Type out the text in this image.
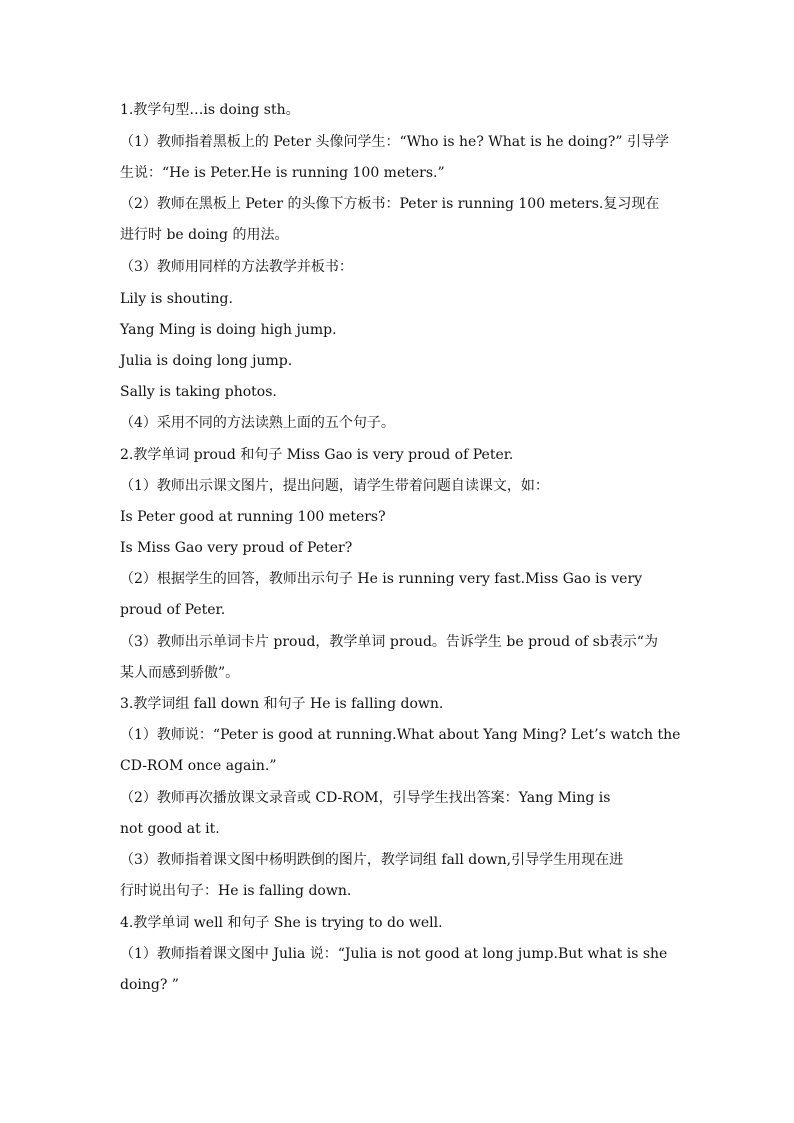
1.教学句型…is doing sth。
（1）教师指着黑板上的 Peter 头像问学生：“Who is he? What is he doing?” 引导学
生说：“He is Peter.He is running 100 meters.”
（2）教师在黑板上 Peter 的头像下方板书：Peter is running 100 meters.复习现在
进行时 be doing 的用法。
（3）教师用同样的方法教学并板书：
Lily is shouting.
Yang Ming is doing high jump.
Julia is doing long jump.
Sally is taking photos.
（4）采用不同的方法读熟上面的五个句子。
2.教学单词 proud 和句子 Miss Gao is very proud of Peter.
（1）教师出示课文图片，提出问题，请学生带着问题自读课文，如：
Is Peter good at running 100 meters?
Is Miss Gao very proud of Peter?
（2）根据学生的回答，教师出示句子 He is running very fast.Miss Gao is very
proud of Peter.
（3）教师出示单词卡片 proud，教学单词 proud。告诉学生 be proud of sb表示“为
某人而感到骄傲”。
3.教学词组 fall down 和句子 He is falling down.
（1）教师说：“Peter is good at running.What about Yang Ming? Let’s watch the
CD-ROM once again.”
（2）教师再次播放课文录音或 CD-ROM，引导学生找出答案：Yang Ming is
not good at it.
（3）教师指着课文图中杨明跌倒的图片，教学词组 fall down,引导学生用现在进
行时说出句子：He is falling down.
4.教学单词 well 和句子 She is trying to do well.
（1）教师指着课文图中 Julia 说：“Julia is not good at long jump.But what is she
doing? ”
